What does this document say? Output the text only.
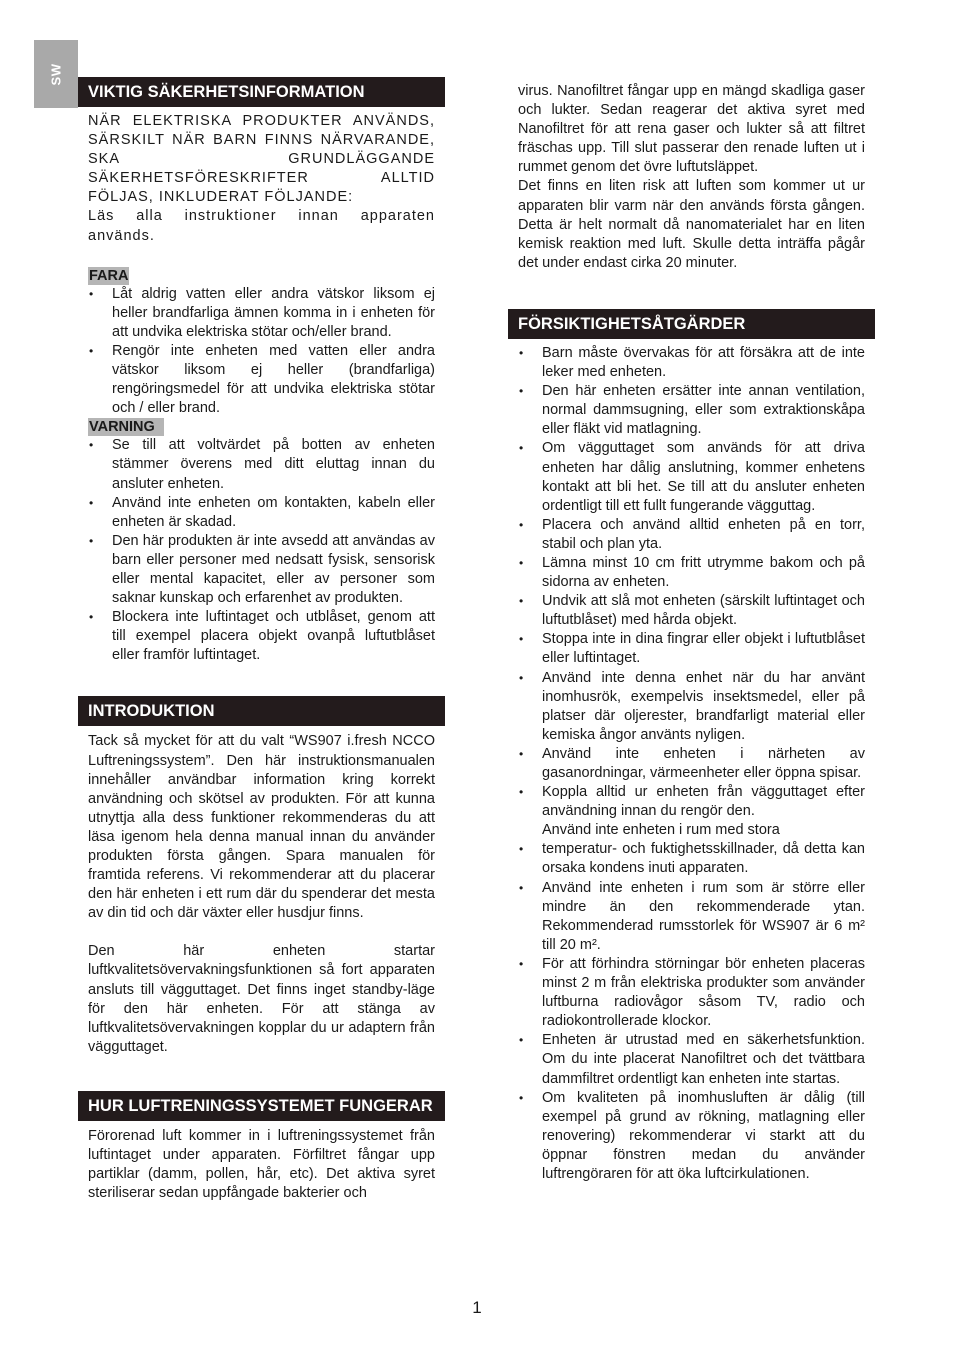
SW
VIKTIG SÄKERHETSINFORMATION

NÄR ELEKTRISKA PRODUKTER ANVÄNDS, SÄRSKILT NÄR BARN FINNS NÄRVARANDE, SKA GRUNDLÄGGANDE SÄKERHETSFÖRESKRIFTER ALLTID FÖLJAS, INKLUDERAT FÖLJANDE:

Läs alla instruktioner innan apparaten används.

FARA
•	Låt aldrig vatten eller andra vätskor liksom ej heller brandfarliga ämnen komma in i enheten för att undvika elektriska stötar och/eller brand.
•	Rengör inte enheten med vatten eller andra vätskor liksom ej heller (brandfarliga) rengöringsmedel för att undvika elektriska stötar och / eller brand.
VARNING
•	Se till att voltvärdet på botten av enheten stämmer överens med ditt eluttag innan du ansluter enheten.
•	Använd inte enheten om kontakten, kabeln eller enheten är skadad.
•	Den här produkten är inte avsedd att användas av barn eller personer med nedsatt fysisk, sensorisk eller mental kapacitet, eller av personer som saknar kunskap och erfarenhet av produkten.
•	Blockera inte luftintaget och utblåset, genom att till exempel placera objekt ovanpå luftutblåset eller framför luftintaget.
INTRODUKTION

Tack så mycket för att du valt “WS907 i.fresh NCCO Luftreningssystem”. Den här instruktionsmanualen innehåller användbar information kring korrekt användning och skötsel av produkten. För att kunna utnyttja alla dess funktioner rekommenderas du att läsa igenom hela denna manual innan du använder produkten första gången. Spara manualen för framtida referens. Vi rekommenderar att du placerar den här enheten i ett rum där du spenderar det mesta av din tid och där växter eller husdjur finns.

Den här enheten startar luftkvalitetsövervakningsfunktionen så fort apparaten ansluts till vägguttaget. Det finns inget standby-läge för den här enheten. För att stänga av luftkvalitetsövervakningen kopplar du ur adaptern från vägguttaget.

HUR LUFTRENINGSSYSTEMET FUNGERAR

Förorenad luft kommer in i luftreningssystemet från luftintaget under apparaten. Förfiltret fångar upp partiklar (damm, pollen, hår, etc). Det aktiva syret steriliserar sedan uppfångade bakterier och

virus. Nanofiltret fångar upp en mängd skadliga gaser och lukter. Sedan reagerar det aktiva syret med Nanofiltret för att rena gaser och lukter så att filtret fräschas upp. Till slut passerar den renade luften ut i rummet genom det övre luftutsläppet.

Det finns en liten risk att luften som kommer ut ur apparaten blir varm när den används första gången. Detta är helt normalt då nanomaterialet har en liten kemisk reaktion med luft. Skulle detta inträffa pågår det under endast cirka 20 minuter.

FÖRSIKTIGHETSÅTGÄRDER
•	Barn måste övervakas för att försäkra att de inte leker med enheten.
•	Den här enheten ersätter inte annan ventilation, normal dammsugning, eller som extraktionskåpa eller fläkt vid matlagning.
•	Om vägguttaget som används för att driva enheten har dålig anslutning, kommer enhetens kontakt att bli het. Se till att du ansluter enheten ordentligt till ett fullt fungerande vägguttag.
•	Placera och använd alltid enheten på en torr, stabil och plan yta.
•	Lämna minst 10 cm fritt utrymme bakom och på sidorna av enheten.
•	Undvik att slå mot enheten (särskilt luftintaget och luftutblåset) med hårda objekt.
•	Stoppa inte in dina fingrar eller objekt i luftutblåset eller luftintaget.
•	Använd inte denna enhet när du har använt inomhusrök, exempelvis insektsmedel, eller på platser där oljerester, brandfarligt material eller kemiska ångor använts nyligen.
•	Använd inte enheten i närheten av gasanordningar, värmeenheter eller öppna spisar.
•	Koppla alltid ur enheten från vägguttaget efter användning innan du rengör den.
Använd inte enheten i rum med stora
•	temperatur- och fuktighetsskillnader, då detta kan orsaka kondens inuti apparaten.
•	Använd inte enheten i rum som är större eller mindre än den rekommenderade ytan. Rekommenderad rumsstorlek för WS907 är 6 m² till 20 m².
•	För att förhindra störningar bör enheten placeras minst 2 m från elektriska produkter som använder luftburna radiovågor såsom TV, radio och radiokontrollerade klockor.
•	Enheten är utrustad med en säkerhetsfunktion. Om du inte placerat Nanofiltret och det tvättbara dammfiltret ordentligt kan enheten inte startas.
•	Om kvaliteten på inomhusluften är dålig (till exempel på grund av rökning, matlagning eller renovering) rekommenderar vi starkt att du öppnar fönstren medan du använder luftrengöraren för att öka luftcirkulationen.
1
